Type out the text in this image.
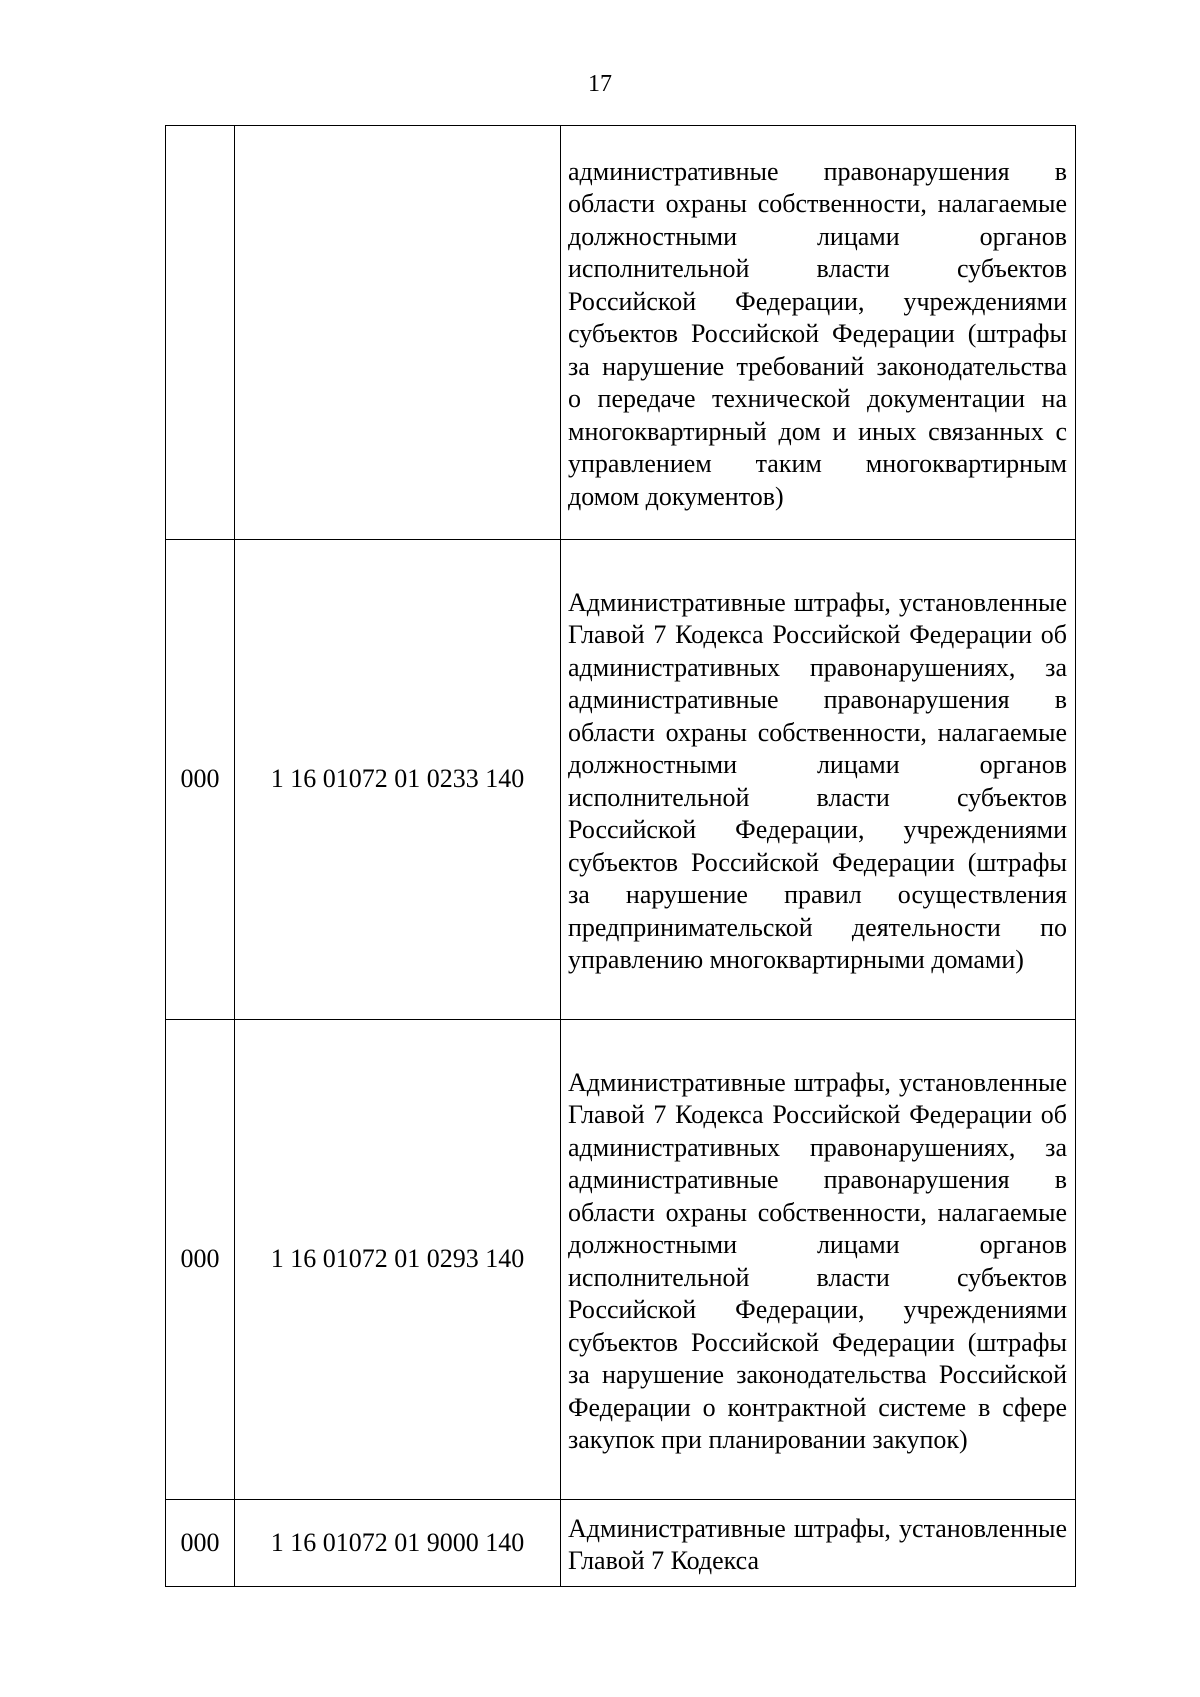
17
		административные правонарушения в области охраны собственности, налагаемые должностными лицами органов исполнительной власти субъектов Российской Федерации, учреждениями субъектов Российской Федерации (штрафы за нарушение требований законодательства о передаче технической документации на многоквартирный дом и иных связанных с управлением таким многоквартирным домом документов)
000	1 16 01072 01 0233 140	Административные штрафы, установленные Главой 7 Кодекса Российской Федерации об административных правонарушениях, за административные правонарушения в области охраны собственности, налагаемые должностными лицами органов исполнительной власти субъектов Российской Федерации, учреждениями субъектов Российской Федерации (штрафы за нарушение правил осуществления предпринимательской деятельности по управлению многоквартирными домами)
000	1 16 01072 01 0293 140	Административные штрафы, установленные Главой 7 Кодекса Российской Федерации об административных правонарушениях, за административные правонарушения в области охраны собственности, налагаемые должностными лицами органов исполнительной власти субъектов Российской Федерации, учреждениями субъектов Российской Федерации (штрафы за нарушение законодательства Российской Федерации о контрактной системе в сфере закупок при планировании закупок)
000	1 16 01072 01 9000 140	Административные штрафы, установленные Главой 7 Кодекса
